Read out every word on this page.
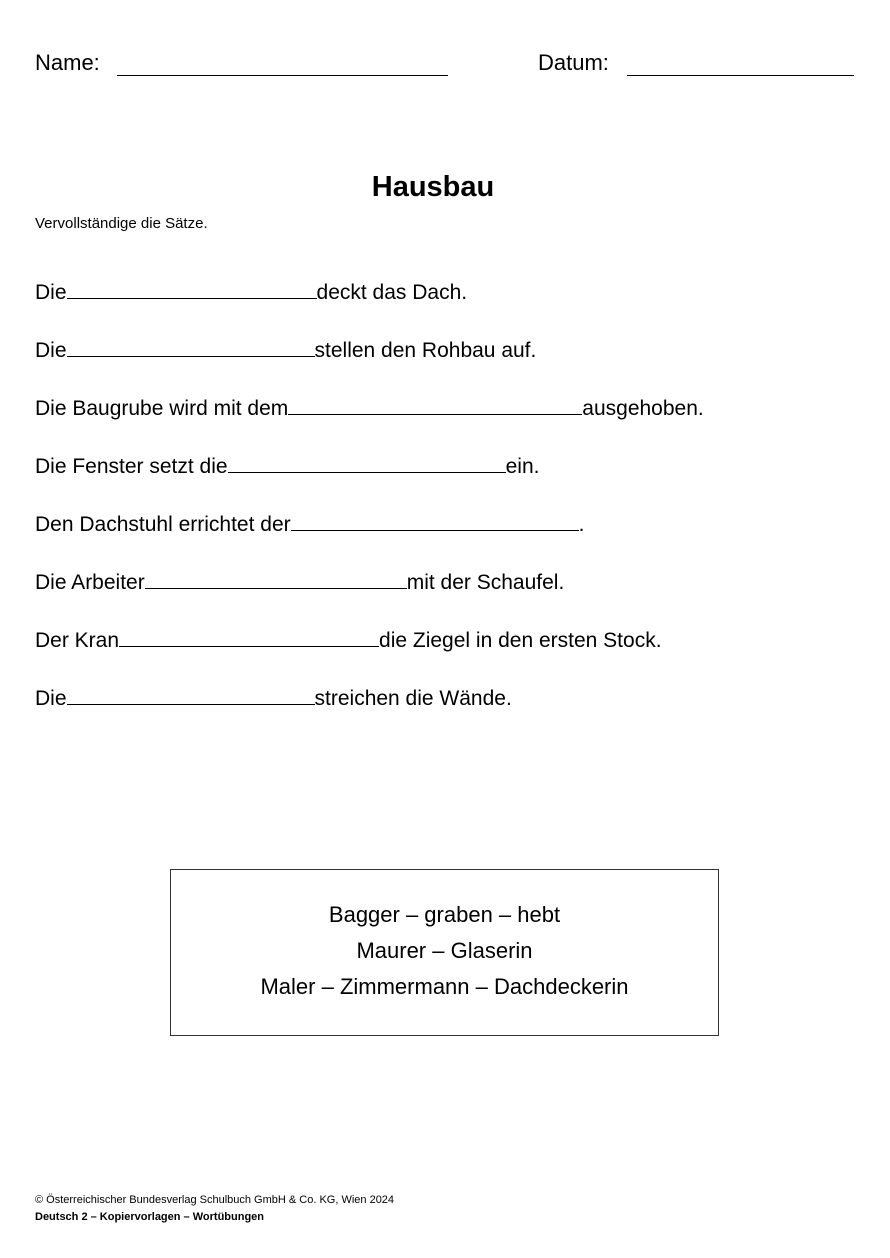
Name:	Datum:
Hausbau
Vervollständige die Sätze.
Die	deckt das Dach.
Die	stellen den Rohbau auf.
Die Baugrube wird mit dem	ausgehoben.
Die Fenster setzt die	ein.
Den Dachstuhl errichtet der	.
Die Arbeiter	mit der Schaufel.
Der Kran	die Ziegel in den ersten Stock.
Die	streichen die Wände.
Bagger – graben – hebt
Maurer – Glaserin
Maler – Zimmermann – Dachdeckerin
© Österreichischer Bundesverlag Schulbuch GmbH & Co. KG, Wien 2024
Deutsch 2 – Kopiervorlagen – Wortübungen
